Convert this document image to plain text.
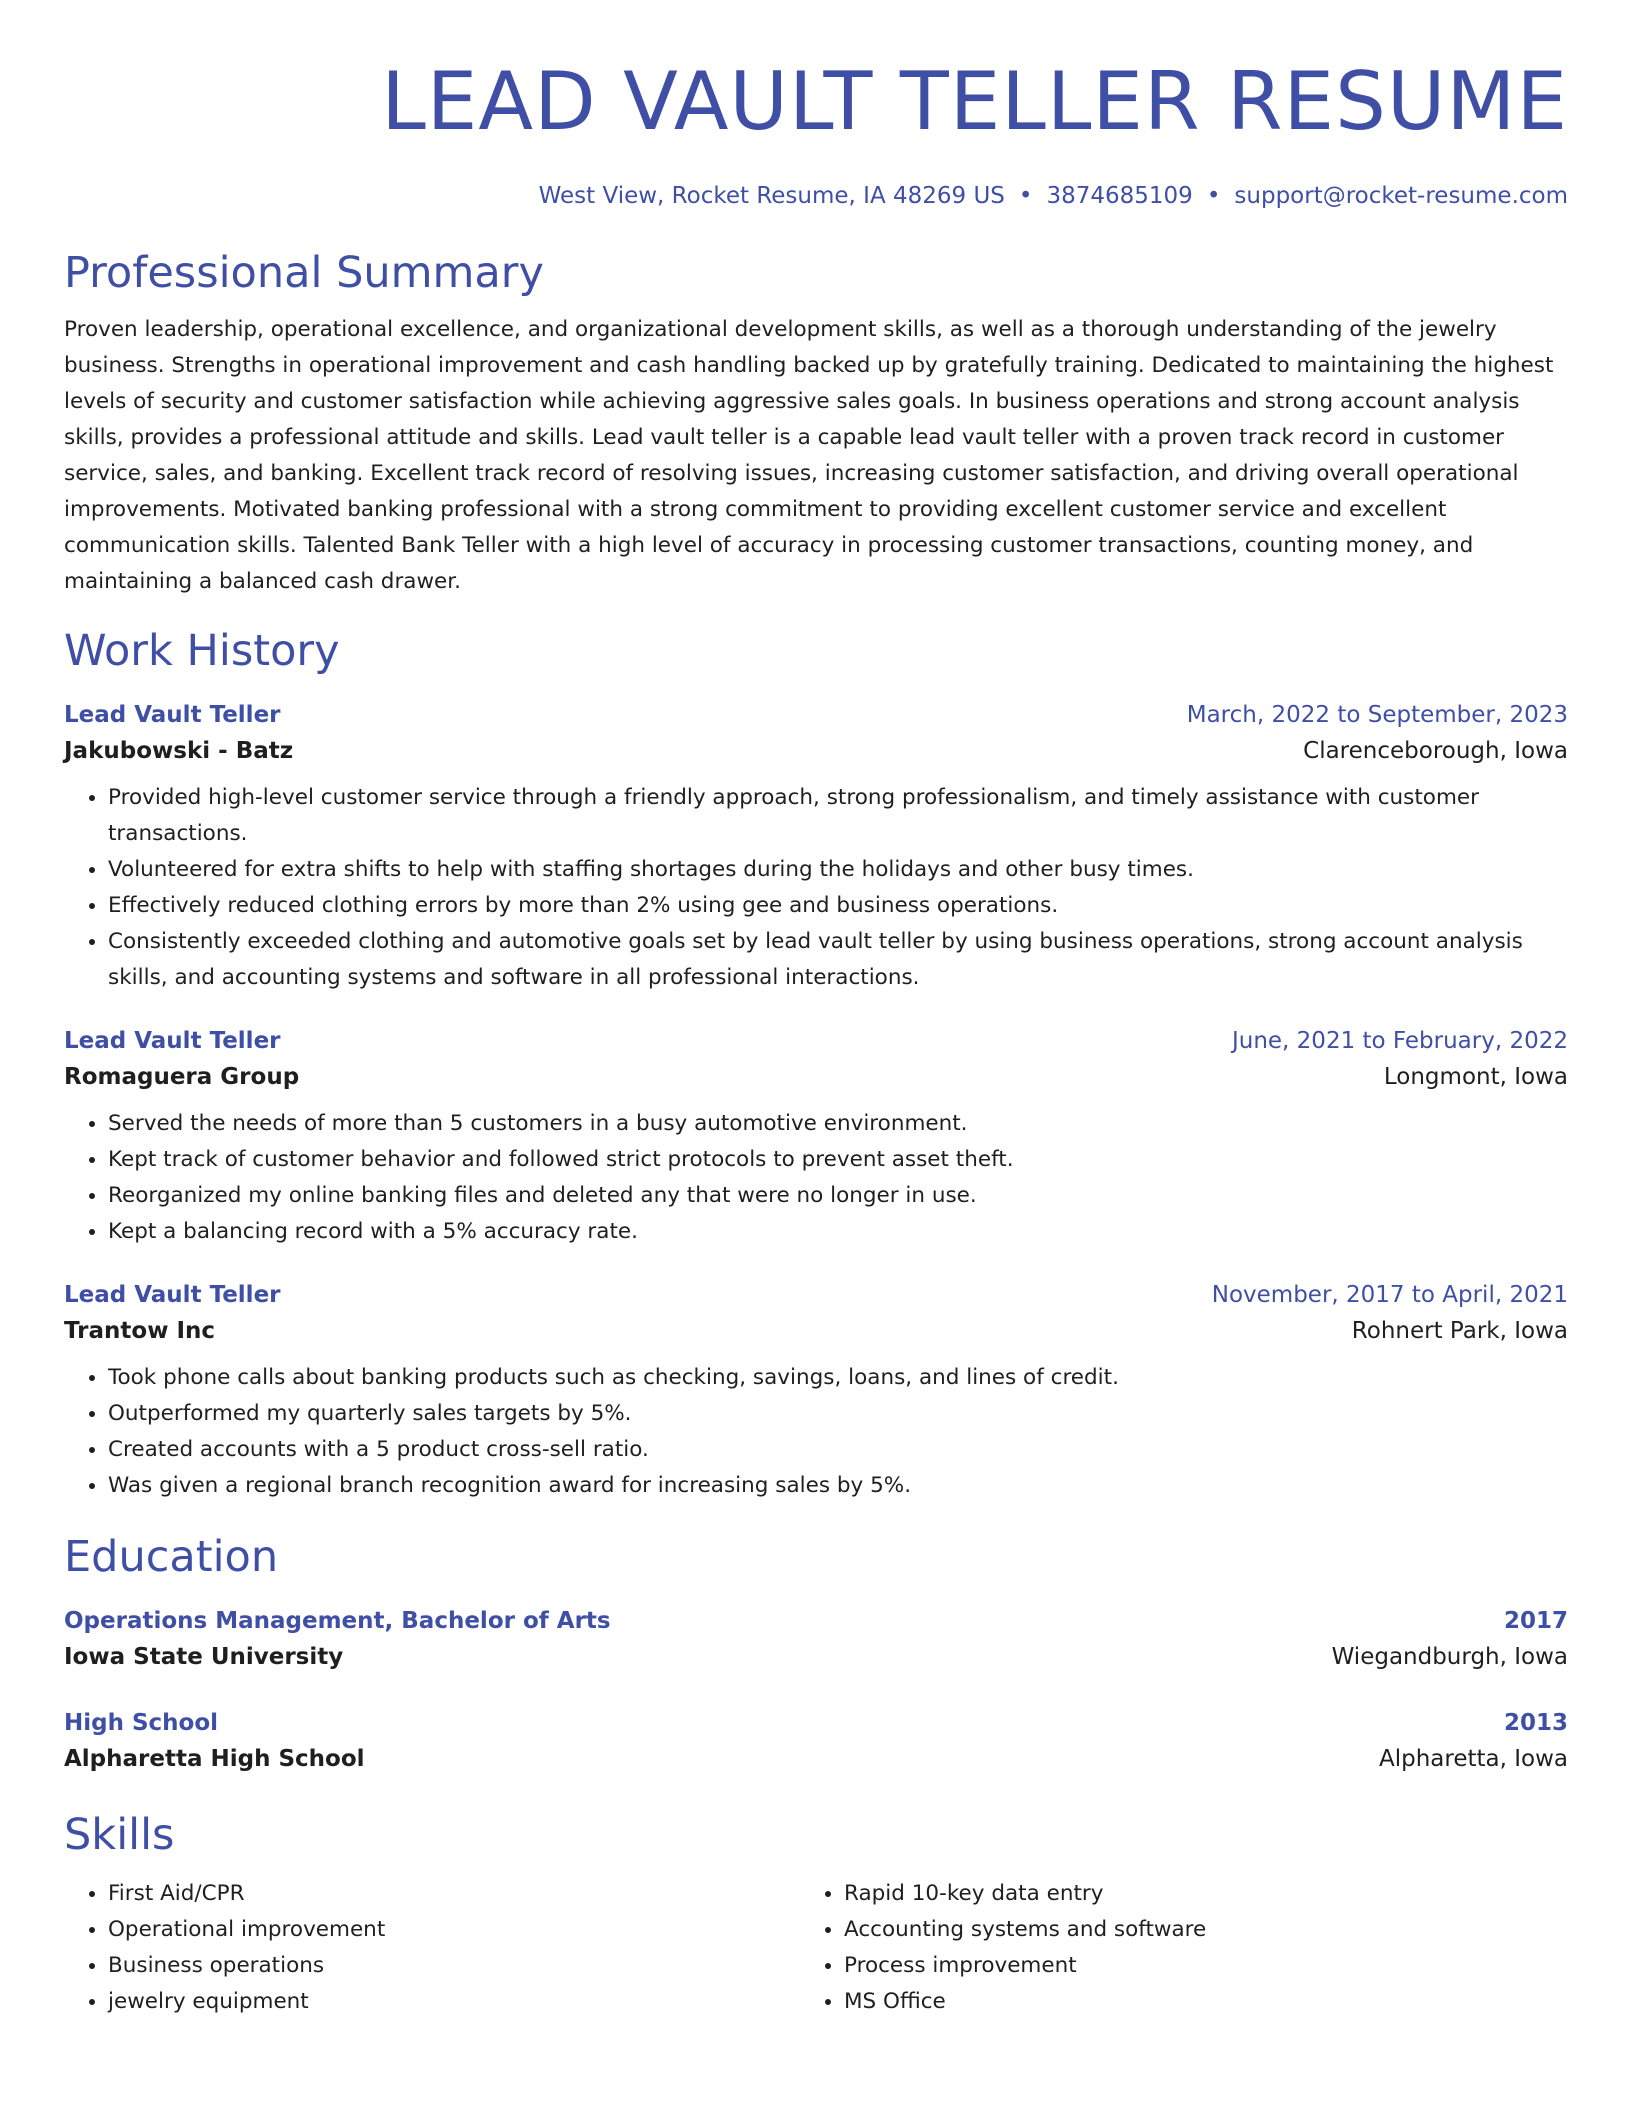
LEAD VAULT TELLER RESUME
West View, Rocket Resume, IA 48269 US • 3874685109 • support@rocket-resume.com
Professional Summary
Proven leadership, operational excellence, and organizational development skills, as well as a thorough understanding of the jewelry business. Strengths in operational improvement and cash handling backed up by gratefully training. Dedicated to maintaining the highest levels of security and customer satisfaction while achieving aggressive sales goals. In business operations and strong account analysis skills, provides a professional attitude and skills. Lead vault teller is a capable lead vault teller with a proven track record in customer service, sales, and banking. Excellent track record of resolving issues, increasing customer satisfaction, and driving overall operational improvements. Motivated banking professional with a strong commitment to providing excellent customer service and excellent communication skills. Talented Bank Teller with a high level of accuracy in processing customer transactions, counting money, and maintaining a balanced cash drawer.
Work History
Lead Vault Teller	March, 2022 to September, 2023
Jakubowski - Batz	Clarenceborough, Iowa
• Provided high-level customer service through a friendly approach, strong professionalism, and timely assistance with customer transactions.
• Volunteered for extra shifts to help with staffing shortages during the holidays and other busy times.
• Effectively reduced clothing errors by more than 2% using gee and business operations.
• Consistently exceeded clothing and automotive goals set by lead vault teller by using business operations, strong account analysis skills, and accounting systems and software in all professional interactions.
Lead Vault Teller	June, 2021 to February, 2022
Romaguera Group	Longmont, Iowa
• Served the needs of more than 5 customers in a busy automotive environment.
• Kept track of customer behavior and followed strict protocols to prevent asset theft.
• Reorganized my online banking files and deleted any that were no longer in use.
• Kept a balancing record with a 5% accuracy rate.
Lead Vault Teller	November, 2017 to April, 2021
Trantow Inc	Rohnert Park, Iowa
• Took phone calls about banking products such as checking, savings, loans, and lines of credit.
• Outperformed my quarterly sales targets by 5%.
• Created accounts with a 5 product cross-sell ratio.
• Was given a regional branch recognition award for increasing sales by 5%.
Education
Operations Management, Bachelor of Arts	2017
Iowa State University	Wiegandburgh, Iowa
High School	2013
Alpharetta High School	Alpharetta, Iowa
Skills
• First Aid/CPR
• Operational improvement
• Business operations
• jewelry equipment
• Rapid 10-key data entry
• Accounting systems and software
• Process improvement
• MS Office
